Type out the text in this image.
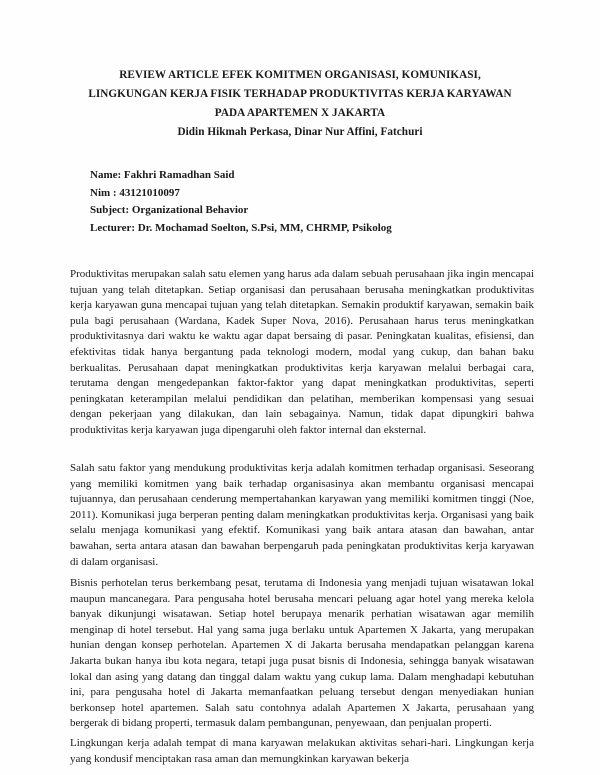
REVIEW ARTICLE EFEK KOMITMEN ORGANISASI, KOMUNIKASI,
LINGKUNGAN KERJA FISIK TERHADAP PRODUKTIVITAS KERJA KARYAWAN
PADA APARTEMEN X JAKARTA
Didin Hikmah Perkasa, Dinar Nur Affini, Fatchuri
Name: Fakhri Ramadhan Said
Nim : 43121010097
Subject: Organizational Behavior
Lecturer: Dr. Mochamad Soelton, S.Psi, MM, CHRMP, Psikolog

Produktivitas merupakan salah satu elemen yang harus ada dalam sebuah perusahaan jika ingin mencapai tujuan yang telah ditetapkan. Setiap organisasi dan perusahaan berusaha meningkatkan produktivitas kerja karyawan guna mencapai tujuan yang telah ditetapkan. Semakin produktif karyawan, semakin baik pula bagi perusahaan (Wardana, Kadek Super Nova, 2016). Perusahaan harus terus meningkatkan produktivitasnya dari waktu ke waktu agar dapat bersaing di pasar. Peningkatan kualitas, efisiensi, dan efektivitas tidak hanya bergantung pada teknologi modern, modal yang cukup, dan bahan baku berkualitas. Perusahaan dapat meningkatkan produktivitas kerja karyawan melalui berbagai cara, terutama dengan mengedepankan faktor-faktor yang dapat meningkatkan produktivitas, seperti peningkatan keterampilan melalui pendidikan dan pelatihan, memberikan kompensasi yang sesuai dengan pekerjaan yang dilakukan, dan lain sebagainya. Namun, tidak dapat dipungkiri bahwa produktivitas kerja karyawan juga dipengaruhi oleh faktor internal dan eksternal.

Salah satu faktor yang mendukung produktivitas kerja adalah komitmen terhadap organisasi. Seseorang yang memiliki komitmen yang baik terhadap organisasinya akan membantu organisasi mencapai tujuannya, dan perusahaan cenderung mempertahankan karyawan yang memiliki komitmen tinggi (Noe, 2011). Komunikasi juga berperan penting dalam meningkatkan produktivitas kerja. Organisasi yang baik selalu menjaga komunikasi yang efektif. Komunikasi yang baik antara atasan dan bawahan, antar bawahan, serta antara atasan dan bawahan berpengaruh pada peningkatan produktivitas kerja karyawan di dalam organisasi.

Bisnis perhotelan terus berkembang pesat, terutama di Indonesia yang menjadi tujuan wisatawan lokal maupun mancanegara. Para pengusaha hotel berusaha mencari peluang agar hotel yang mereka kelola banyak dikunjungi wisatawan. Setiap hotel berupaya menarik perhatian wisatawan agar memilih menginap di hotel tersebut. Hal yang sama juga berlaku untuk Apartemen X Jakarta, yang merupakan hunian dengan konsep perhotelan. Apartemen X di Jakarta berusaha mendapatkan pelanggan karena Jakarta bukan hanya ibu kota negara, tetapi juga pusat bisnis di Indonesia, sehingga banyak wisatawan lokal dan asing yang datang dan tinggal dalam waktu yang cukup lama. Dalam menghadapi kebutuhan ini, para pengusaha hotel di Jakarta memanfaatkan peluang tersebut dengan menyediakan hunian berkonsep hotel apartemen. Salah satu contohnya adalah Apartemen X Jakarta, perusahaan yang bergerak di bidang properti, termasuk dalam pembangunan, penyewaan, dan penjualan properti.

Lingkungan kerja adalah tempat di mana karyawan melakukan aktivitas sehari-hari. Lingkungan kerja yang kondusif menciptakan rasa aman dan memungkinkan karyawan bekerja
